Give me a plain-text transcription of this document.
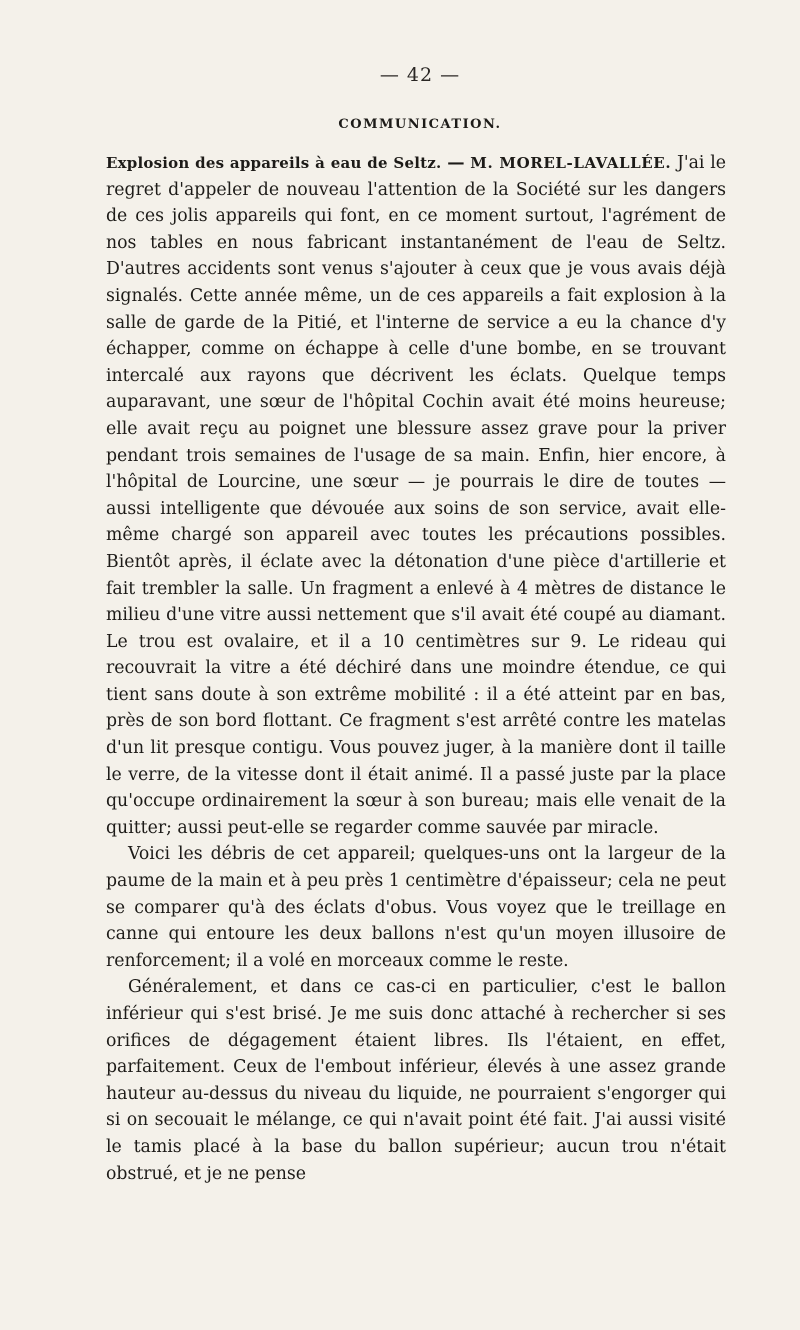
— 42 —
COMMUNICATION.

Explosion des appareils à eau de Seltz. — M. MOREL-LAVALLÉE. J'ai le regret d'appeler de nouveau l'attention de la Société sur les dangers de ces jolis appareils qui font, en ce moment surtout, l'agrément de nos tables en nous fabricant instantanément de l'eau de Seltz. D'autres accidents sont venus s'ajouter à ceux que je vous avais déjà signalés. Cette année même, un de ces appareils a fait explosion à la salle de garde de la Pitié, et l'interne de service a eu la chance d'y échapper, comme on échappe à celle d'une bombe, en se trouvant intercalé aux rayons que décrivent les éclats. Quelque temps auparavant, une sœur de l'hôpital Cochin avait été moins heureuse; elle avait reçu au poignet une blessure assez grave pour la priver pendant trois semaines de l'usage de sa main. Enfin, hier encore, à l'hôpital de Lourcine, une sœur — je pourrais le dire de toutes — aussi intelligente que dévouée aux soins de son service, avait elle-même chargé son appareil avec toutes les précautions possibles. Bientôt après, il éclate avec la détonation d'une pièce d'artillerie et fait trembler la salle. Un fragment a enlevé à 4 mètres de distance le milieu d'une vitre aussi nettement que s'il avait été coupé au diamant. Le trou est ovalaire, et il a 10 centimètres sur 9. Le rideau qui recouvrait la vitre a été déchiré dans une moindre étendue, ce qui tient sans doute à son extrême mobilité : il a été atteint par en bas, près de son bord flottant. Ce fragment s'est arrêté contre les matelas d'un lit presque contigu. Vous pouvez juger, à la manière dont il taille le verre, de la vitesse dont il était animé. Il a passé juste par la place qu'occupe ordinairement la sœur à son bureau; mais elle venait de la quitter; aussi peut-elle se regarder comme sauvée par miracle.

Voici les débris de cet appareil; quelques-uns ont la largeur de la paume de la main et à peu près 1 centimètre d'épaisseur; cela ne peut se comparer qu'à des éclats d'obus. Vous voyez que le treillage en canne qui entoure les deux ballons n'est qu'un moyen illusoire de renforcement; il a volé en morceaux comme le reste.

Généralement, et dans ce cas-ci en particulier, c'est le ballon inférieur qui s'est brisé. Je me suis donc attaché à rechercher si ses orifices de dégagement étaient libres. Ils l'étaient, en effet, parfaitement. Ceux de l'embout inférieur, élevés à une assez grande hauteur au-dessus du niveau du liquide, ne pourraient s'engorger qui si on secouait le mélange, ce qui n'avait point été fait. J'ai aussi visité le tamis placé à la base du ballon supérieur; aucun trou n'était obstrué, et je ne pense
